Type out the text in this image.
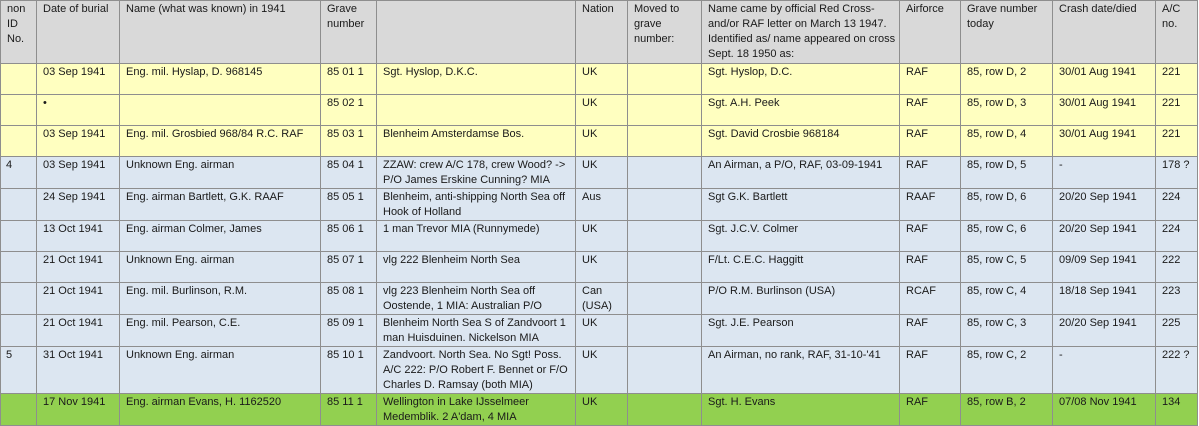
non ID No.	Date of burial	Name (what was known) in 1941	Grave number		Nation	Moved to grave number:	Name came by official Red Cross- and/or RAF letter on March 13 1947. Identified as/ name appeared on cross Sept. 18 1950 as:	Airforce	Grave number today	Crash date/died	A/C no.
	03 Sep 1941	Eng. mil. Hyslap, D. 968145	85 01 1	Sgt. Hyslop, D.K.C.	UK		Sgt. Hyslop, D.C.	RAF	85, row D, 2	30/01 Aug 1941	221
	•		85 02 1		UK		Sgt. A.H. Peek	RAF	85, row D, 3	30/01 Aug 1941	221
	03 Sep 1941	Eng. mil. Grosbied 968/84 R.C. RAF	85 03 1	Blenheim Amsterdamse Bos.	UK		Sgt. David Crosbie 968184	RAF	85, row D, 4	30/01 Aug 1941	221
4	03 Sep 1941	Unknown Eng. airman	85 04 1	ZZAW: crew A/C 178, crew Wood? -> P/O James Erskine Cunning? MIA	UK		An Airman, a P/O, RAF, 03-09-1941	RAF	85, row D, 5	-	178 ?
	24 Sep 1941	Eng. airman Bartlett, G.K. RAAF	85 05 1	Blenheim, anti-shipping North Sea off Hook of Holland	Aus		Sgt G.K. Bartlett	RAAF	85, row D, 6	20/20 Sep 1941	224
	13 Oct 1941	Eng. airman Colmer, James	85 06 1	1 man Trevor MIA (Runnymede)	UK		Sgt. J.C.V. Colmer	RAF	85, row C, 6	20/20 Sep 1941	224
	21 Oct 1941	Unknown Eng. airman	85 07 1	vlg 222 Blenheim North Sea	UK		F/Lt. C.E.C. Haggitt	RAF	85, row C, 5	09/09 Sep 1941	222
	21 Oct 1941	Eng. mil. Burlinson, R.M.	85 08 1	vlg 223 Blenheim North Sea off Oostende, 1 MIA: Australian P/O	Can (USA)		P/O R.M. Burlinson (USA)	RCAF	85, row C, 4	18/18 Sep 1941	223
	21 Oct 1941	Eng. mil. Pearson, C.E.	85 09 1	Blenheim North Sea S of Zandvoort 1 man Huisduinen. Nickelson MIA	UK		Sgt. J.E. Pearson	RAF	85, row C, 3	20/20 Sep 1941	225
5	31 Oct 1941	Unknown Eng. airman	85 10 1	Zandvoort. North Sea. No Sgt! Poss. A/C 222: P/O Robert F. Bennet or F/O Charles D. Ramsay (both MIA)	UK		An Airman, no rank, RAF, 31-10-'41	RAF	85, row C, 2	-	222 ?
	17 Nov 1941	Eng. airman Evans, H. 1162520	85 11 1	Wellington in Lake IJsselmeer Medemblik. 2 A'dam, 4 MIA	UK		Sgt. H. Evans	RAF	85, row B, 2	07/08 Nov 1941	134
